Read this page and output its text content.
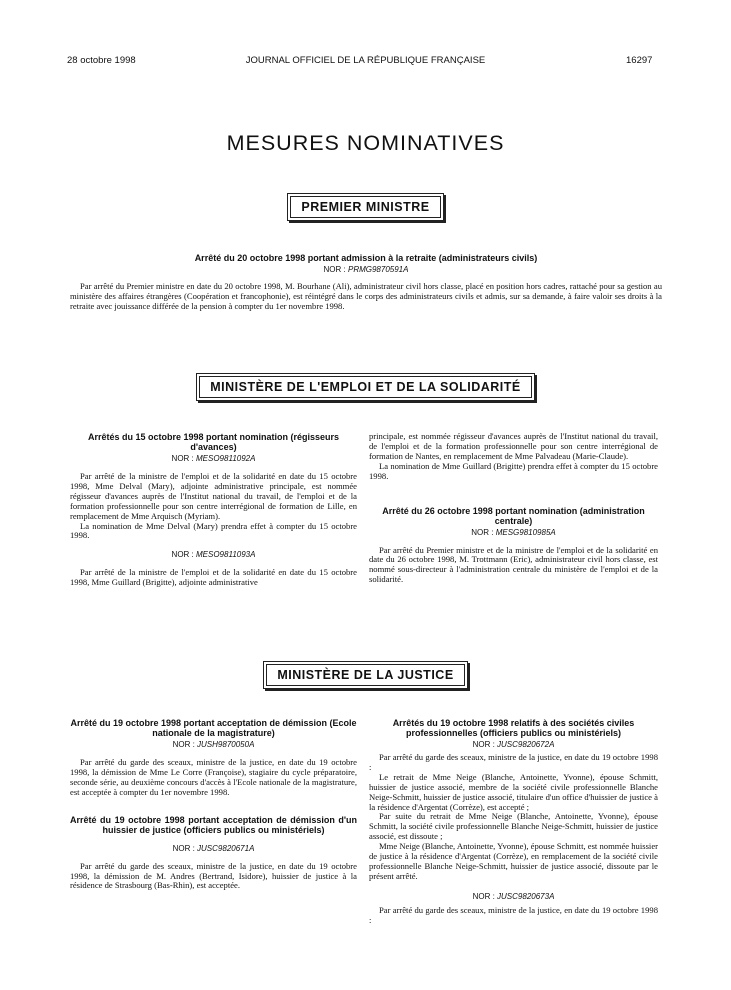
28 octobre 1998	JOURNAL OFFICIEL DE LA RÉPUBLIQUE FRANÇAISE	16297
MESURES NOMINATIVES
PREMIER MINISTRE
Arrêté du 20 octobre 1998 portant admission à la retraite (administrateurs civils)
NOR : PRMG9870591A

Par arrêté du Premier ministre en date du 20 octobre 1998, M. Bourhane (Ali), administrateur civil hors classe, placé en position hors cadres, rattaché pour sa gestion au ministère des affaires étrangères (Coopération et francophonie), est réintégré dans le corps des administrateurs civils et admis, sur sa demande, à faire valoir ses droits à la retraite avec jouissance différée de la pension à compter du 1er novembre 1998.

MINISTÈRE DE L'EMPLOI ET DE LA SOLIDARITÉ
Arrêtés du 15 octobre 1998 portant nomination (régisseurs d'avances)
NOR : MESO9811092A

Par arrêté de la ministre de l'emploi et de la solidarité en date du 15 octobre 1998, Mme Delval (Mary), adjointe administrative principale, est nommée régisseur d'avances auprès de l'Institut national du travail, de l'emploi et de la formation professionnelle pour son centre interrégional de formation de Lille, en remplacement de Mme Arquisch (Myriam).

La nomination de Mme Delval (Mary) prendra effet à compter du 15 octobre 1998.

NOR : MESO9811093A

Par arrêté de la ministre de l'emploi et de la solidarité en date du 15 octobre 1998, Mme Guillard (Brigitte), adjointe administrative

principale, est nommée régisseur d'avances auprès de l'Institut national du travail, de l'emploi et de la formation professionnelle pour son centre interrégional de formation de Nantes, en remplacement de Mme Palvadeau (Marie-Claude).

La nomination de Mme Guillard (Brigitte) prendra effet à compter du 15 octobre 1998.

Arrêté du 26 octobre 1998 portant nomination (administration centrale)
NOR : MESG9810985A

Par arrêté du Premier ministre et de la ministre de l'emploi et de la solidarité en date du 26 octobre 1998, M. Trottmann (Eric), administrateur civil hors classe, est nommé sous-directeur à l'administration centrale du ministère de l'emploi et de la solidarité.

MINISTÈRE DE LA JUSTICE
Arrêté du 19 octobre 1998 portant acceptation de démission (Ecole nationale de la magistrature)
NOR : JUSH9870050A

Par arrêté du garde des sceaux, ministre de la justice, en date du 19 octobre 1998, la démission de Mme Le Corre (Françoise), stagiaire du cycle préparatoire, seconde série, au deuxième concours d'accès à l'Ecole nationale de la magistrature, est acceptée à compter du 1er novembre 1998.

Arrêté du 19 octobre 1998 portant acceptation de démission d'un huissier de justice (officiers publics ou ministériels)
NOR : JUSC9820671A

Par arrêté du garde des sceaux, ministre de la justice, en date du 19 octobre 1998, la démission de M. Andres (Bertrand, Isidore), huissier de justice à la résidence de Strasbourg (Bas-Rhin), est acceptée.

Arrêtés du 19 octobre 1998 relatifs à des sociétés civiles professionnelles (officiers publics ou ministériels)
NOR : JUSC9820672A

Par arrêté du garde des sceaux, ministre de la justice, en date du 19 octobre 1998 :

Le retrait de Mme Neige (Blanche, Antoinette, Yvonne), épouse Schmitt, huissier de justice associé, membre de la société civile professionnelle Blanche Neige-Schmitt, huissier de justice associé, titulaire d'un office d'huissier de justice à la résidence d'Argentat (Corrèze), est accepté ;

Par suite du retrait de Mme Neige (Blanche, Antoinette, Yvonne), épouse Schmitt, la société civile professionnelle Blanche Neige-Schmitt, huissier de justice associé, est dissoute ;

Mme Neige (Blanche, Antoinette, Yvonne), épouse Schmitt, est nommée huissier de justice à la résidence d'Argentat (Corrèze), en remplacement de la société civile professionnelle Blanche Neige-Schmitt, huissier de justice associé, dissoute par le présent arrêté.

NOR : JUSC9820673A

Par arrêté du garde des sceaux, ministre de la justice, en date du 19 octobre 1998 :
